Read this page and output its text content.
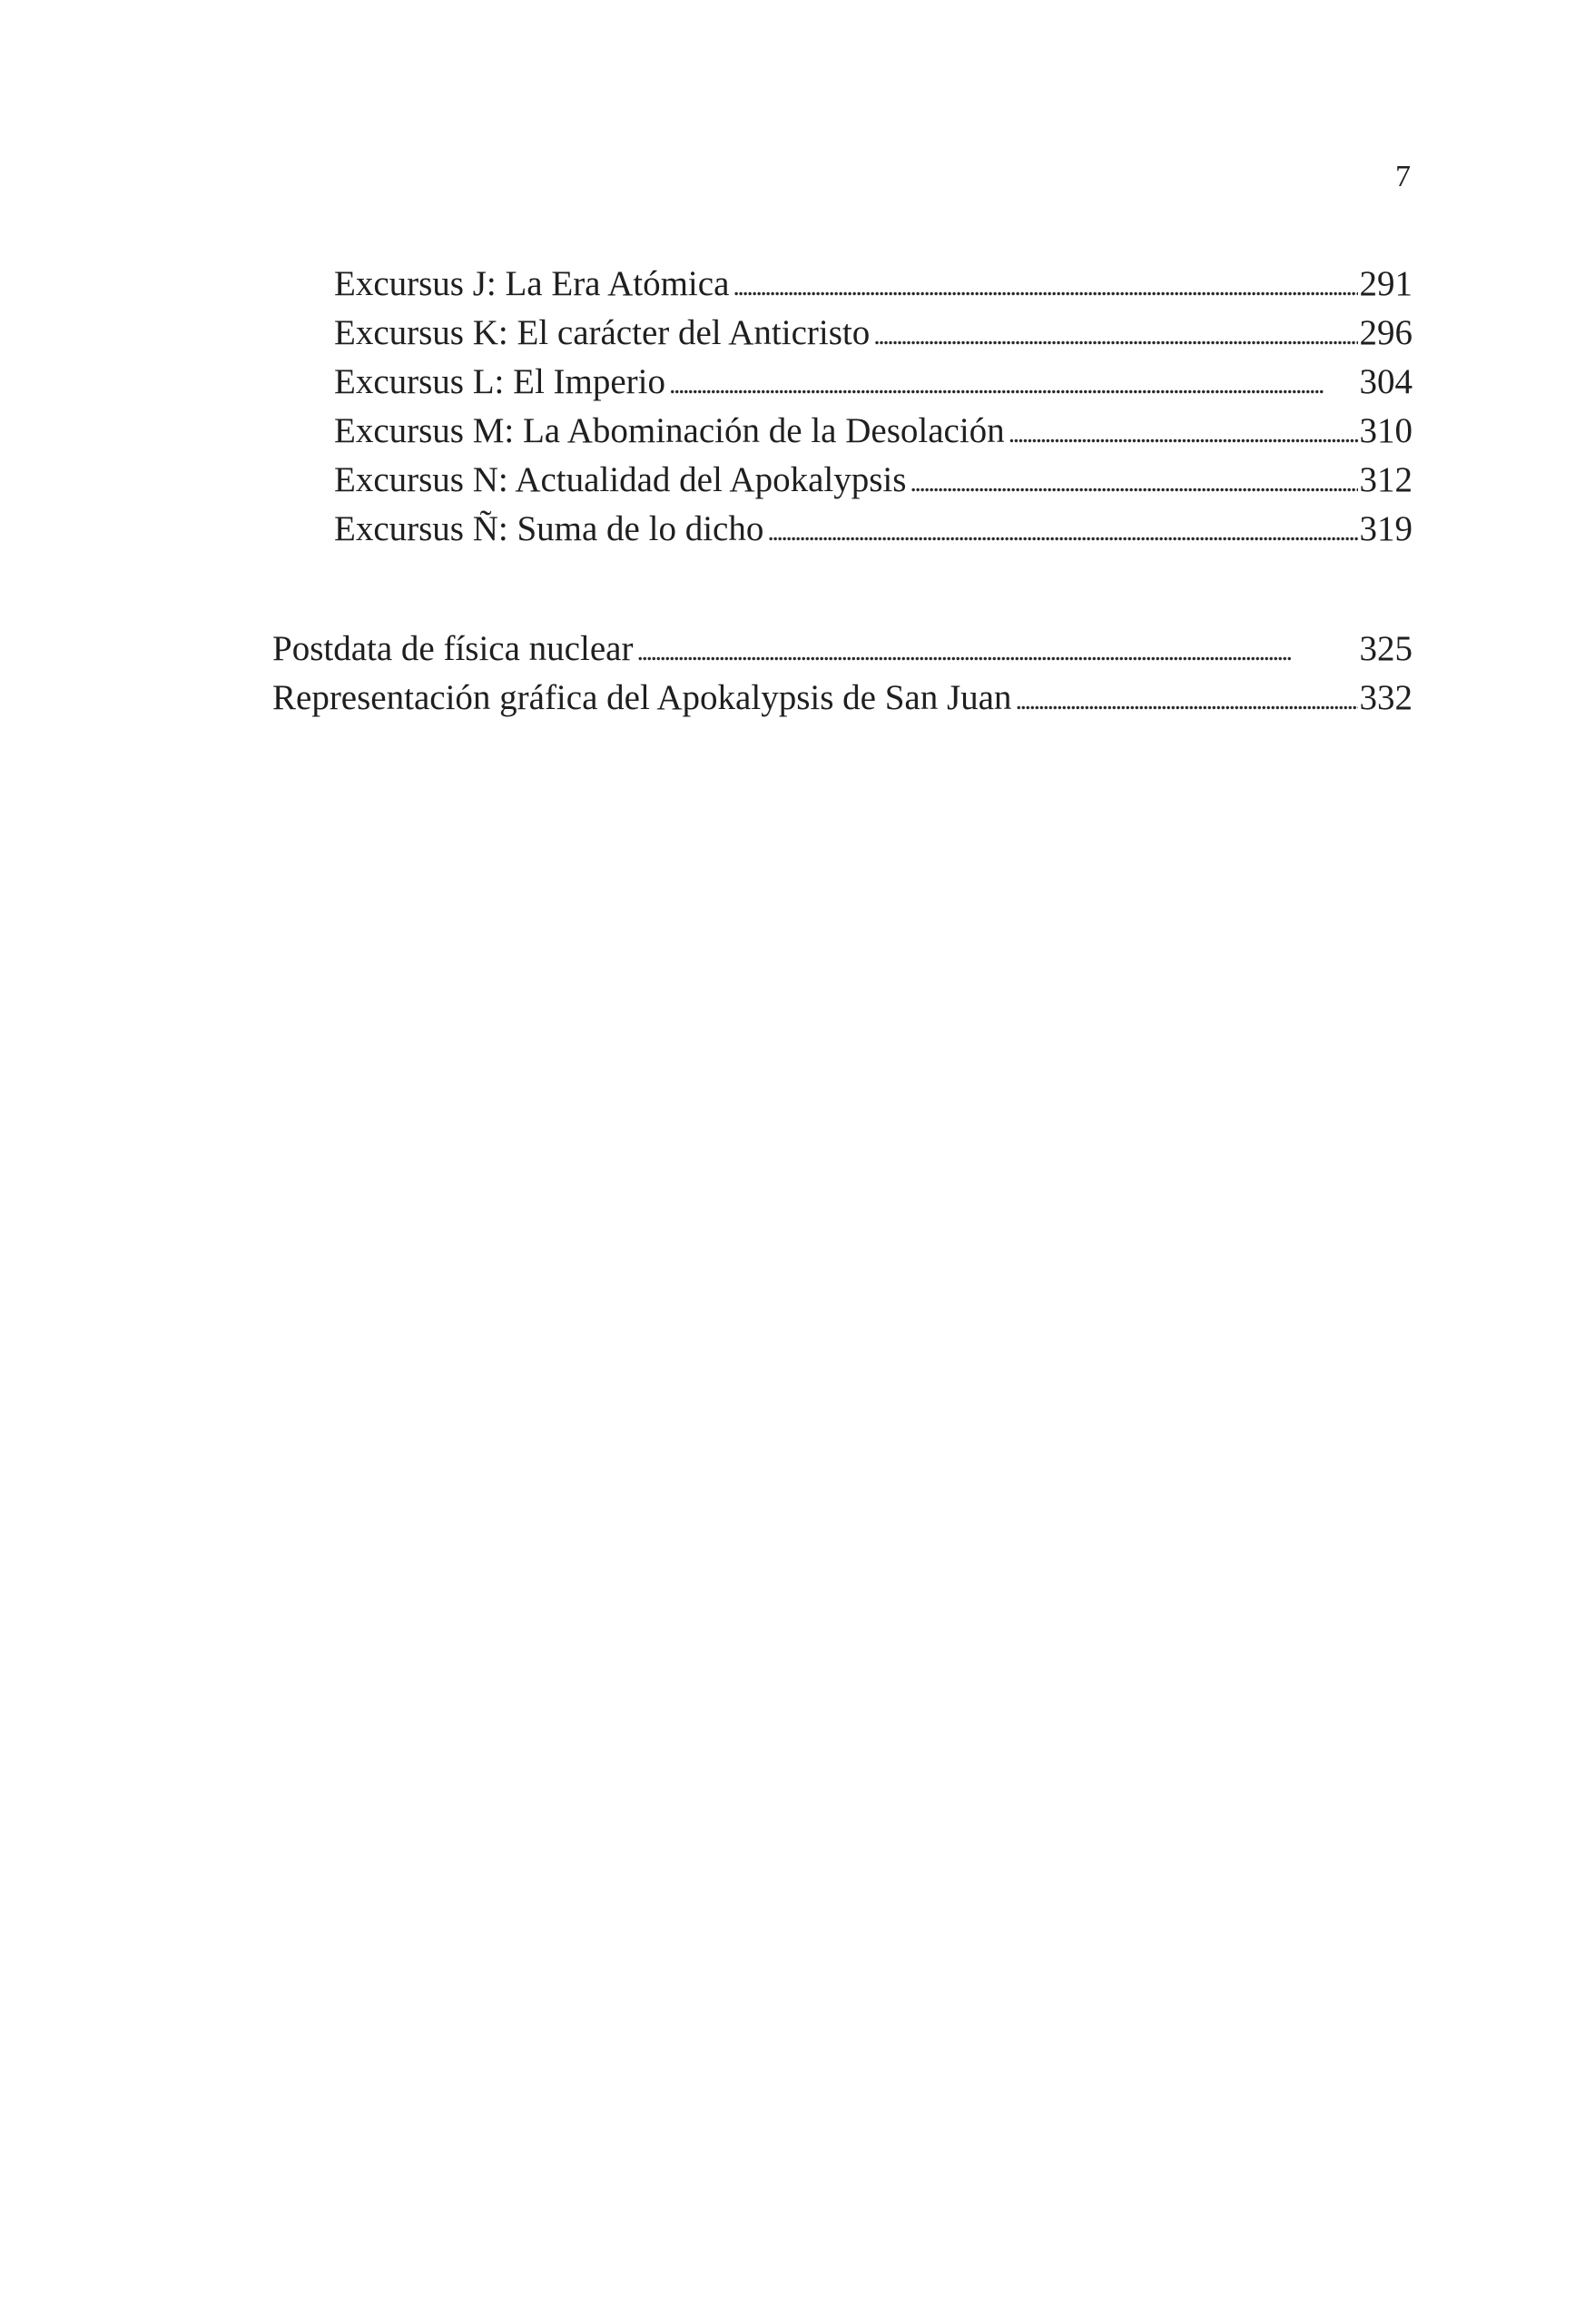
7
Excursus J: La Era Atómica . . .	291
Excursus K: El carácter del Anticristo . . .	296
Excursus L: El Imperio . . .	304
Excursus M: La Abominación de la Desolación . . .	310
Excursus N: Actualidad del Apokalypsis . . .	312
Excursus Ñ: Suma de lo dicho . . .	319
Postdata de física nuclear . . .	325
Representación gráfica del Apokalypsis de San Juan . . .	332
